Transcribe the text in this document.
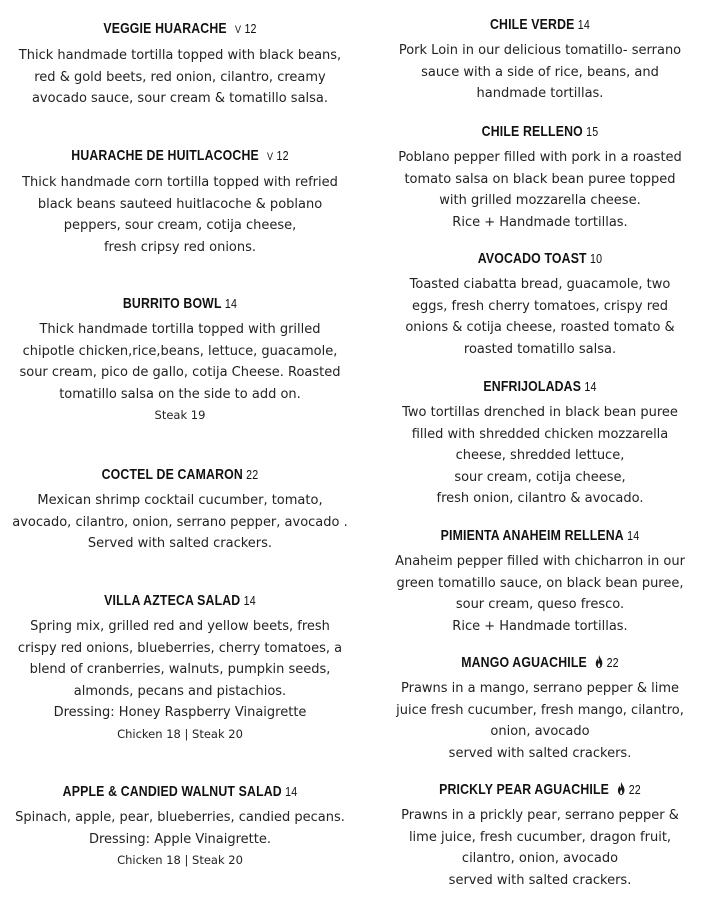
VEGGIE HUARACHE V 12
Thick handmade tortilla topped with black beans,
red & gold beets, red onion, cilantro, creamy
avocado sauce, sour cream & tomatillo salsa.
HUARACHE DE HUITLACOCHE V 12
Thick handmade corn tortilla topped with refried
black beans sauteed huitlacoche & poblano
peppers, sour cream, cotija cheese,
fresh cripsy red onions.
BURRITO BOWL 14
Thick handmade tortilla topped with grilled
chipotle chicken,rice,beans, lettuce, guacamole,
sour cream, pico de gallo, cotija Cheese. Roasted
tomatillo salsa on the side to add on.
Steak 19
COCTEL DE CAMARON 22
Mexican shrimp cocktail cucumber, tomato,
avocado, cilantro, onion, serrano pepper, avocado .
Served with salted crackers.
VILLA AZTECA SALAD 14
Spring mix, grilled red and yellow beets, fresh
crispy red onions, blueberries, cherry tomatoes, a
blend of cranberries, walnuts, pumpkin seeds,
almonds, pecans and pistachios.
Dressing: Honey Raspberry Vinaigrette
Chicken 18 | Steak 20
APPLE & CANDIED WALNUT SALAD 14
Spinach, apple, pear, blueberries, candied pecans.
Dressing: Apple Vinaigrette.
Chicken 18 | Steak 20
CHILE VERDE 14
Pork Loin in our delicious tomatillo- serrano
sauce with a side of rice, beans, and
handmade tortillas.
CHILE RELLENO 15
Poblano pepper filled with pork in a roasted
tomato salsa on black bean puree topped
with grilled mozzarella cheese.
Rice + Handmade tortillas.
AVOCADO TOAST 10
Toasted ciabatta bread, guacamole, two
eggs, fresh cherry tomatoes, crispy red
onions & cotija cheese, roasted tomato &
roasted tomatillo salsa.
ENFRIJOLADAS 14
Two tortillas drenched in black bean puree
filled with shredded chicken mozzarella
cheese, shredded lettuce,
sour cream, cotija cheese,
fresh onion, cilantro & avocado.
PIMIENTA ANAHEIM RELLENA 14
Anaheim pepper filled with chicharron in our
green tomatillo sauce, on black bean puree,
sour cream, queso fresco.
Rice + Handmade tortillas.
MANGO AGUACHILE 22
Prawns in a mango, serrano pepper & lime
juice fresh cucumber, fresh mango, cilantro,
onion, avocado
served with salted crackers.
PRICKLY PEAR AGUACHILE 22
Prawns in a prickly pear, serrano pepper &
lime juice, fresh cucumber, dragon fruit,
cilantro, onion, avocado
served with salted crackers.
